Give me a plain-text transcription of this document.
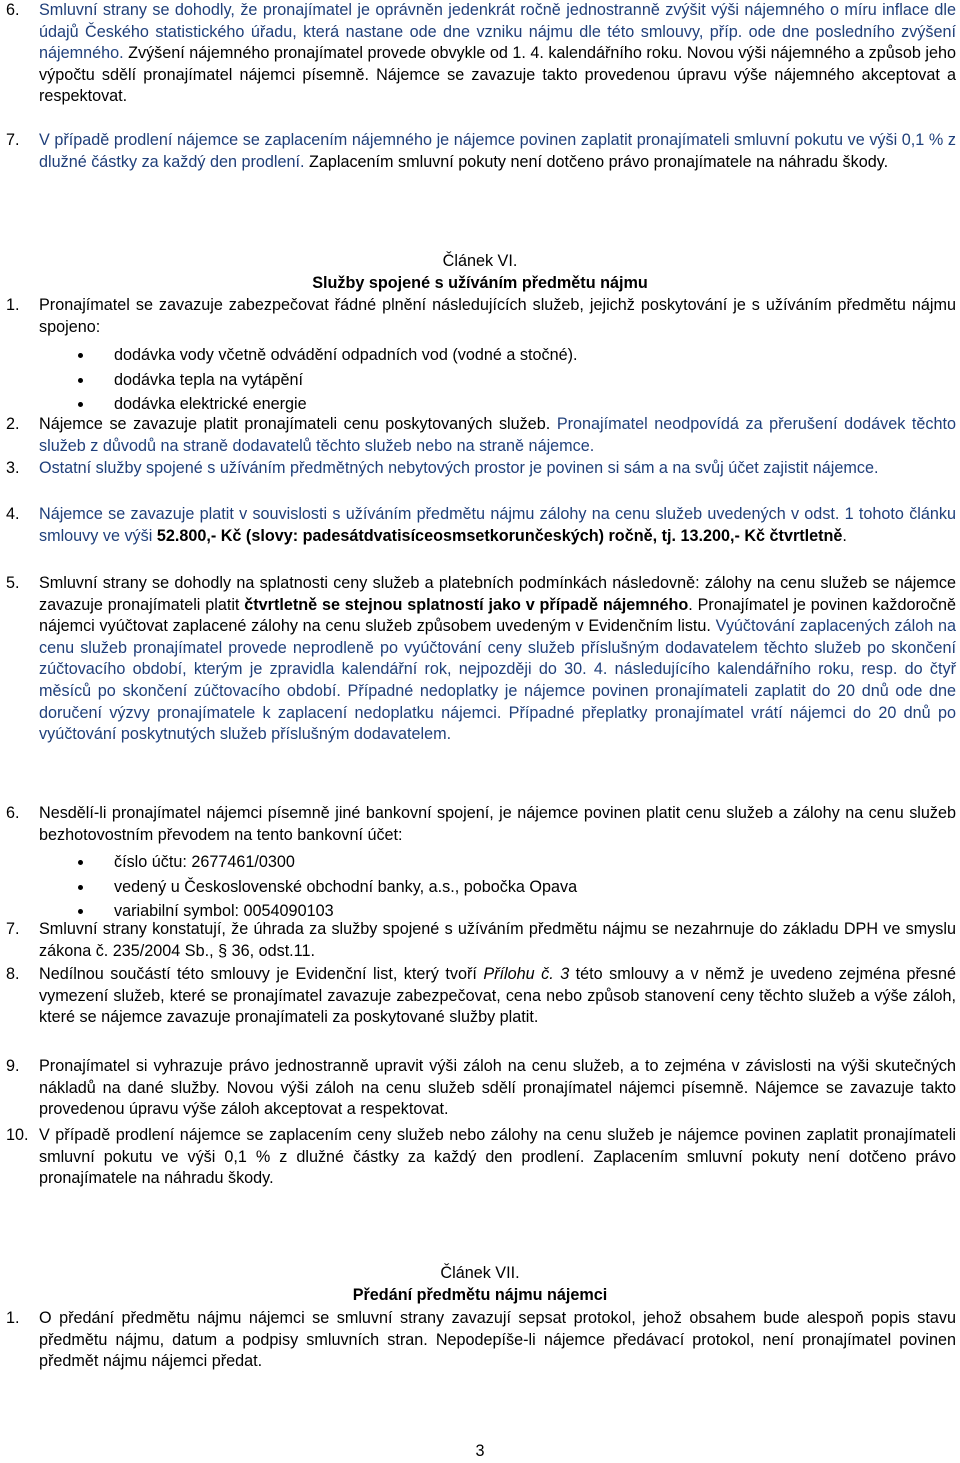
6. Smluvní strany se dohodly, že pronajímatel je oprávněn jedenkrát ročně jednostranně zvýšit výši nájemného o míru inflace dle údajů Českého statistického úřadu, která nastane ode dne vzniku nájmu dle této smlouvy, příp. ode dne posledního zvýšení nájemného. Zvýšení nájemného pronajímatel provede obvykle od 1. 4. kalendářního roku. Novou výši nájemného a způsob jeho výpočtu sdělí pronajímatel nájemci písemně. Nájemce se zavazuje takto provedenou úpravu výše nájemného akceptovat a respektovat.
7. V případě prodlení nájemce se zaplacením nájemného je nájemce povinen zaplatit pronajímateli smluvní pokutu ve výši 0,1 % z dlužné částky za každý den prodlení. Zaplacením smluvní pokuty není dotčeno právo pronajímatele na náhradu škody.
Článek VI.
Služby spojené s užíváním předmětu nájmu
1. Pronajímatel se zavazuje zabezpečovat řádné plnění následujících služeb, jejichž poskytování je s užíváním předmětu nájmu spojeno:
dodávka vody včetně odvádění odpadních vod (vodné a stočné).
dodávka tepla na vytápění
dodávka elektrické energie
2. Nájemce se zavazuje platit pronajímateli cenu poskytovaných služeb. Pronajímatel neodpovídá za přerušení dodávek těchto služeb z důvodů na straně dodavatelů těchto služeb nebo na straně nájemce.
3. Ostatní služby spojené s užíváním předmětných nebytových prostor je povinen si sám a na svůj účet zajistit nájemce.
4. Nájemce se zavazuje platit v souvislosti s užíváním předmětu nájmu zálohy na cenu služeb uvedených v odst. 1 tohoto článku smlouvy ve výši 52.800,- Kč (slovy: padesátdvatisíceosmsetkorunčeských) ročně, tj. 13.200,- Kč čtvrtletně.
5. Smluvní strany se dohodly na splatnosti ceny služeb a platebních podmínkách následovně: zálohy na cenu služeb se nájemce zavazuje pronajímateli platit čtvrtletně se stejnou splatností jako v případě nájemného. Pronajímatel je povinen každoročně nájemci vyúčtovat zaplacené zálohy na cenu služeb způsobem uvedeným v Evidenčním listu. Vyúčtování zaplacených záloh na cenu služeb pronajímatel provede neprodleně po vyúčtování ceny služeb příslušným dodavatelem těchto služeb po skončení zúčtovacího období, kterým je zpravidla kalendářní rok, nejpozději do 30. 4. následujícího kalendářního roku, resp. do čtyř měsíců po skončení zúčtovacího období. Případné nedoplatky je nájemce povinen pronajímateli zaplatit do 20 dnů ode dne doručení výzvy pronajímatele k zaplacení nedoplatku nájemci. Případné přeplatky pronajímatel vrátí nájemci do 20 dnů po vyúčtování poskytnutých služeb příslušným dodavatelem.
6. Nesdělí-li pronajímatel nájemci písemně jiné bankovní spojení, je nájemce povinen platit cenu služeb a zálohy na cenu služeb bezhotovostním převodem na tento bankovní účet:
číslo účtu: 2677461/0300
vedený u Československé obchodní banky, a.s., pobočka Opava
variabilní symbol: 0054090103
7. Smluvní strany konstatují, že úhrada za služby spojené s užíváním předmětu nájmu se nezahrnuje do základu DPH ve smyslu zákona č. 235/2004 Sb., § 36, odst.11.
8. Nedílnou součástí této smlouvy je Evidenční list, který tvoří Přílohu č. 3 této smlouvy a v němž je uvedeno zejména přesné vymezení služeb, které se pronajímatel zavazuje zabezpečovat, cena nebo způsob stanovení ceny těchto služeb a výše záloh, které se nájemce zavazuje pronajímateli za poskytované služby platit.
9. Pronajímatel si vyhrazuje právo jednostranně upravit výši záloh na cenu služeb, a to zejména v závislosti na výši skutečných nákladů na dané služby. Novou výši záloh na cenu služeb sdělí pronajímatel nájemci písemně. Nájemce se zavazuje takto provedenou úpravu výše záloh akceptovat a respektovat.
10. V případě prodlení nájemce se zaplacením ceny služeb nebo zálohy na cenu služeb je nájemce povinen zaplatit pronajímateli smluvní pokutu ve výši 0,1 % z dlužné částky za každý den prodlení. Zaplacením smluvní pokuty není dotčeno právo pronajímatele na náhradu škody.
Článek VII.
Předání předmětu nájmu nájemci
1. O předání předmětu nájmu nájemci se smluvní strany zavazují sepsat protokol, jehož obsahem bude alespoň popis stavu předmětu nájmu, datum a podpisy smluvních stran. Nepodepíše-li nájemce předávací protokol, není pronajímatel povinen předmět nájmu nájemci předat.
3
